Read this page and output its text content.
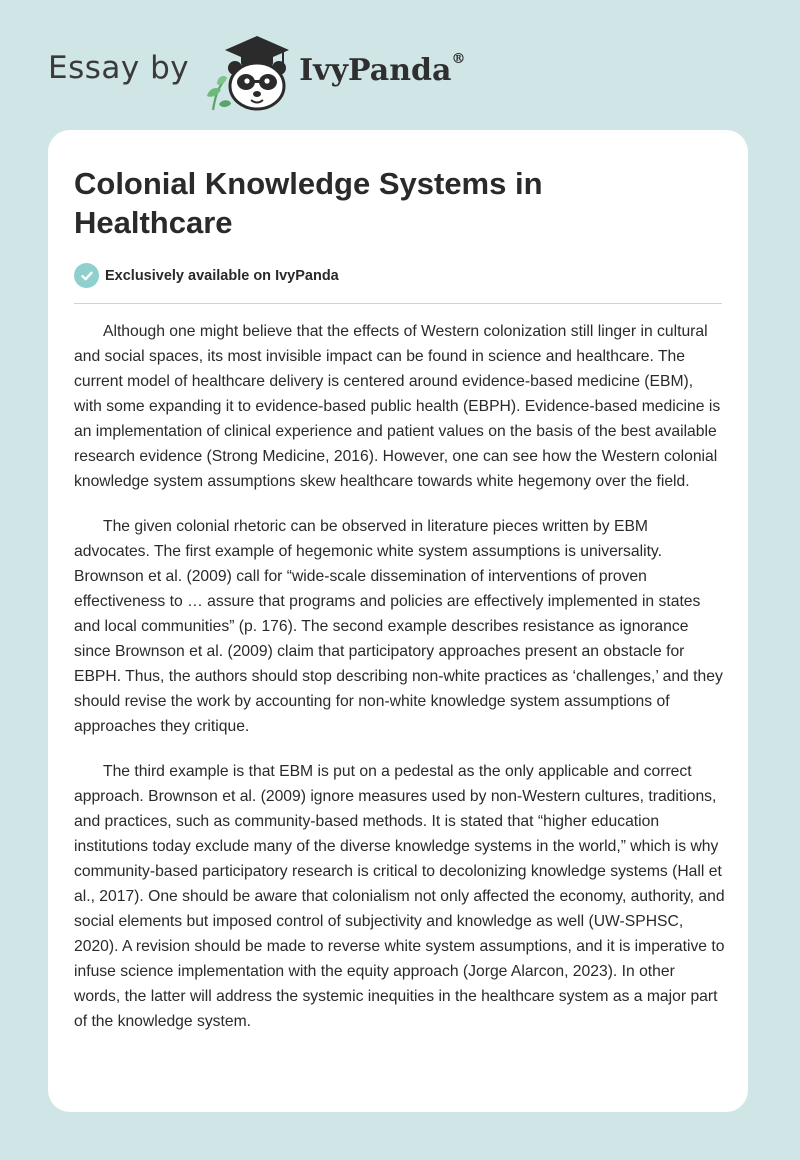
Essay by	IvyPanda®
Colonial Knowledge Systems in Healthcare
Exclusively available on IvyPanda

Although one might believe that the effects of Western colonization still linger in cultural and social spaces, its most invisible impact can be found in science and healthcare. The current model of healthcare delivery is centered around evidence-based medicine (EBM), with some expanding it to evidence-based public health (EBPH). Evidence-based medicine is an implementation of clinical experience and patient values on the basis of the best available research evidence (Strong Medicine, 2016). However, one can see how the Western colonial knowledge system assumptions skew healthcare towards white hegemony over the field.

The given colonial rhetoric can be observed in literature pieces written by EBM advocates. The first example of hegemonic white system assumptions is universality. Brownson et al. (2009) call for “wide-scale dissemination of interventions of proven effectiveness to … assure that programs and policies are effectively implemented in states and local communities” (p. 176). The second example describes resistance as ignorance since Brownson et al. (2009) claim that participatory approaches present an obstacle for EBPH. Thus, the authors should stop describing non-white practices as ‘challenges,’ and they should revise the work by accounting for non-white knowledge system assumptions of approaches they critique.

The third example is that EBM is put on a pedestal as the only applicable and correct approach. Brownson et al. (2009) ignore measures used by non-Western cultures, traditions, and practices, such as community-based methods. It is stated that “higher education institutions today exclude many of the diverse knowledge systems in the world,” which is why community-based participatory research is critical to decolonizing knowledge systems (Hall et al., 2017). One should be aware that colonialism not only affected the economy, authority, and social elements but imposed control of subjectivity and knowledge as well (UW-SPHSC, 2020). A revision should be made to reverse white system assumptions, and it is imperative to infuse science implementation with the equity approach (Jorge Alarcon, 2023). In other words, the latter will address the systemic inequities in the healthcare system as a major part of the knowledge system.
